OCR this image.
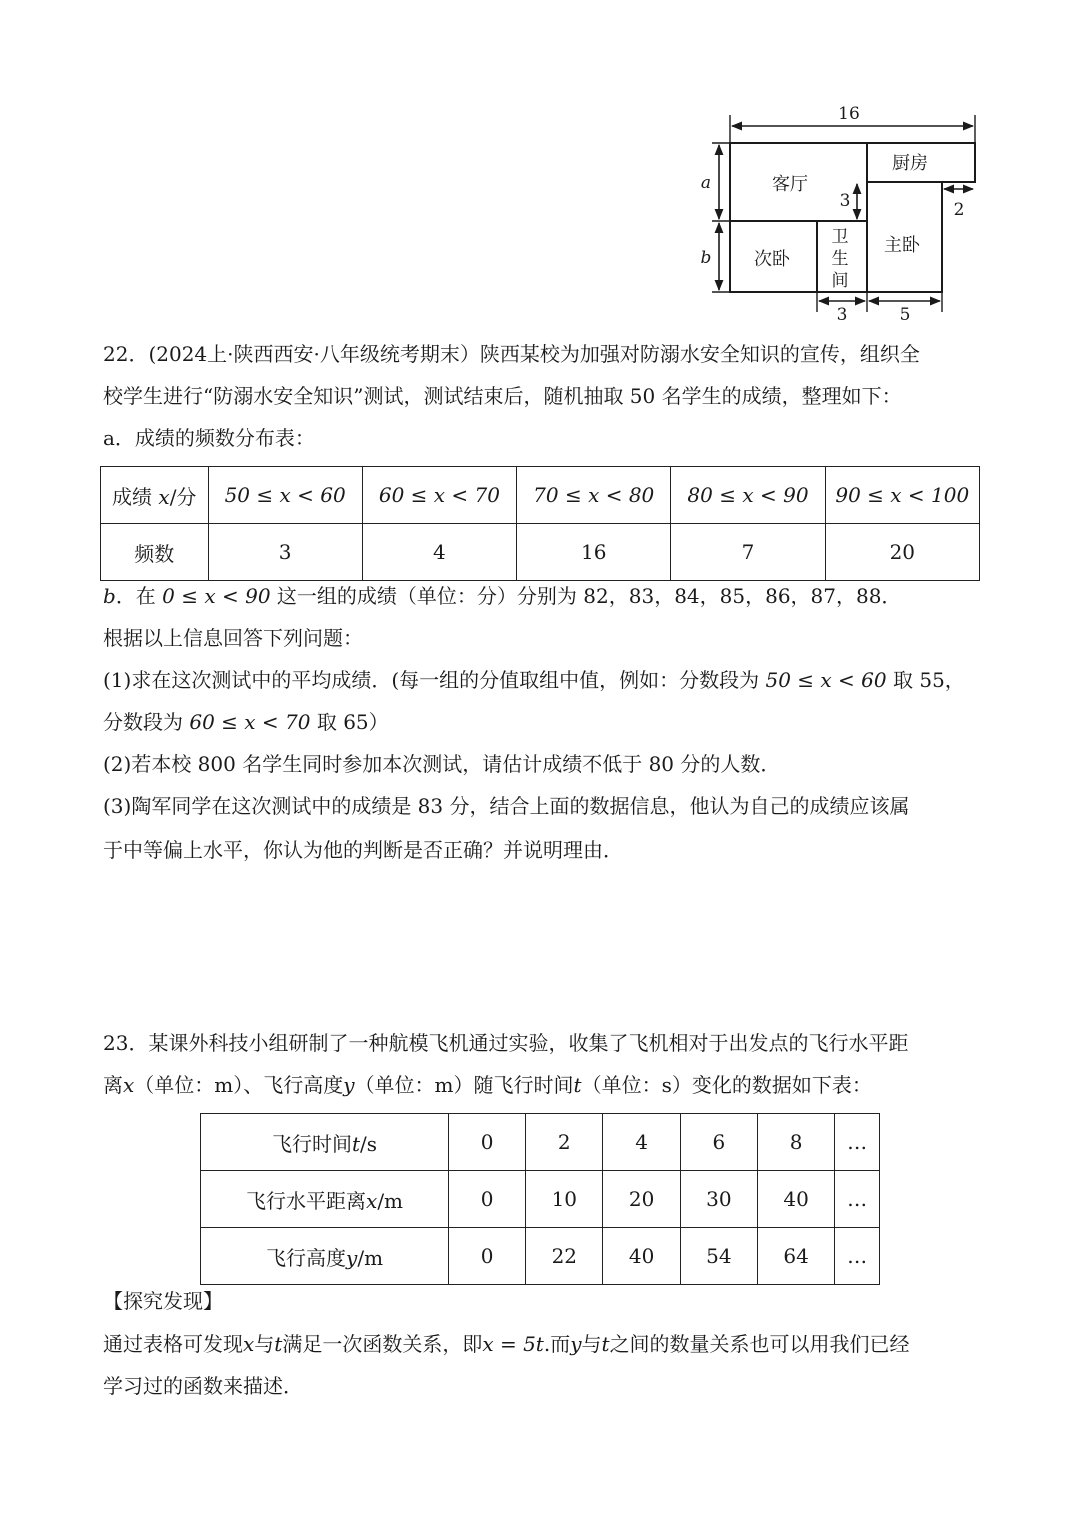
16
a
b
客厅
厨房
3	2
次卧
卫
生
间
主卧
3	5
22．(2024上·陕西西安·八年级统考期末）陕西某校为加强对防溺水安全知识的宣传，组织全
校学生进行“防溺水安全知识”测试，测试结束后，随机抽取 50 名学生的成绩，整理如下：
a．成绩的频数分布表：
成绩 x/分	50 ≤ x < 60	60 ≤ x < 70	70 ≤ x < 80	80 ≤ x < 90	90 ≤ x < 100
频数	3	4	16	7	20
b．在 0 ≤ x < 90 这一组的成绩（单位：分）分别为 82，83，84，85，86，87，88．
根据以上信息回答下列问题：
(1)求在这次测试中的平均成绩．(每一组的分值取组中值，例如：分数段为 50 ≤ x < 60 取 55，
分数段为 60 ≤ x < 70 取 65）
(2)若本校 800 名学生同时参加本次测试，请估计成绩不低于 80 分的人数．
(3)陶军同学在这次测试中的成绩是 83 分，结合上面的数据信息，他认为自己的成绩应该属
于中等偏上水平，你认为他的判断是否正确？并说明理由．
23．某课外科技小组研制了一种航模飞机通过实验，收集了飞机相对于出发点的飞行水平距
离x（单位：m）、飞行高度y（单位：m）随飞行时间t（单位：s）变化的数据如下表：
飞行时间t/s	0	2	4	6	8	…
飞行水平距离x/m	0	10	20	30	40	…
飞行高度y/m	0	22	40	54	64	…
【探究发现】
通过表格可发现x与t满足一次函数关系，即x = 5t.而y与t之间的数量关系也可以用我们已经
学习过的函数来描述．
